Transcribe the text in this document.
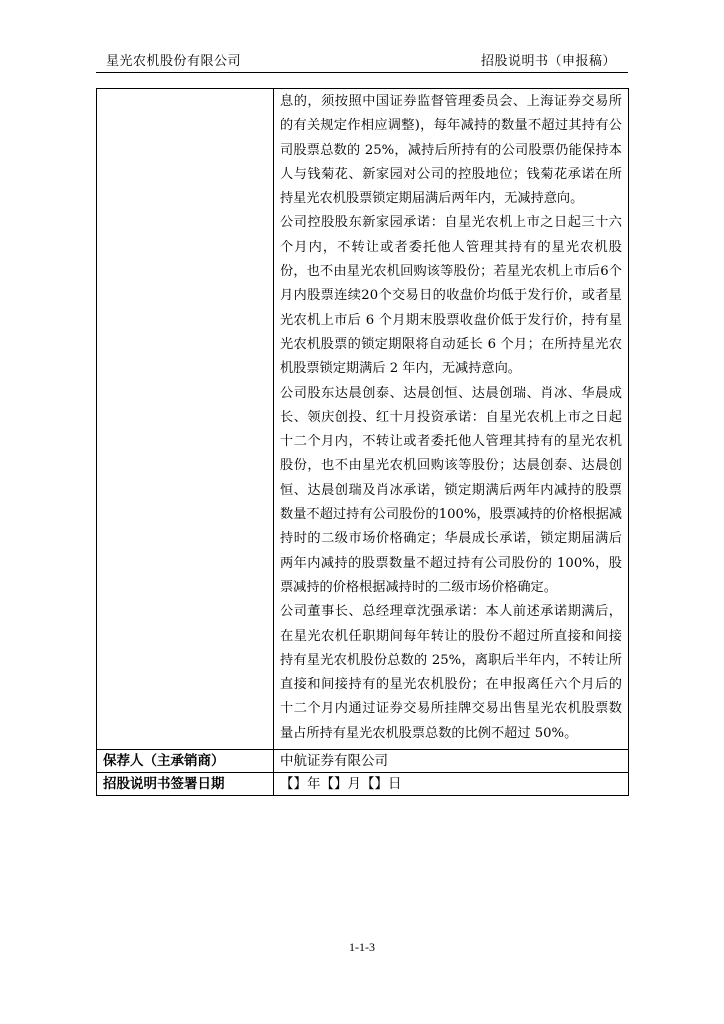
星光农机股份有限公司	招股说明书（申报稿）

	息的，须按照中国证券监督管理委员会、上海证券交易所的有关规定作相应调整)，每年减持的数量不超过其持有公司股票总数的 25%，减持后所持有的公司股票仍能保持本人与钱菊花、新家园对公司的控股地位；钱菊花承诺在所持星光农机股票锁定期届满后两年内，无减持意向。

公司控股股东新家园承诺：自星光农机上市之日起三十六个月内，不转让或者委托他人管理其持有的星光农机股份，也不由星光农机回购该等股份；若星光农机上市后6个月内股票连续20个交易日的收盘价均低于发行价，或者星光农机上市后 6 个月期末股票收盘价低于发行价，持有星光农机股票的锁定期限将自动延长 6 个月；在所持星光农机股票锁定期满后 2 年内，无减持意向。

公司股东达晨创泰、达晨创恒、达晨创瑞、肖冰、华晨成长、领庆创投、红十月投资承诺：自星光农机上市之日起十二个月内，不转让或者委托他人管理其持有的星光农机股份，也不由星光农机回购该等股份；达晨创泰、达晨创恒、达晨创瑞及肖冰承诺，锁定期满后两年内减持的股票数量不超过持有公司股份的100%，股票减持的价格根据减持时的二级市场价格确定；华晨成长承诺，锁定期届满后两年内减持的股票数量不超过持有公司股份的 100%，股票减持的价格根据减持时的二级市场价格确定。

公司董事长、总经理章沈强承诺：本人前述承诺期满后，在星光农机任职期间每年转让的股份不超过所直接和间接持有星光农机股份总数的 25%，离职后半年内，不转让所直接和间接持有的星光农机股份；在申报离任六个月后的十二个月内通过证券交易所挂牌交易出售星光农机股票数量占所持有星光农机股票总数的比例不超过 50%。

保荐人（主承销商）	中航证券有限公司
招股说明书签署日期	【】年【】月【】日
1-1-3
